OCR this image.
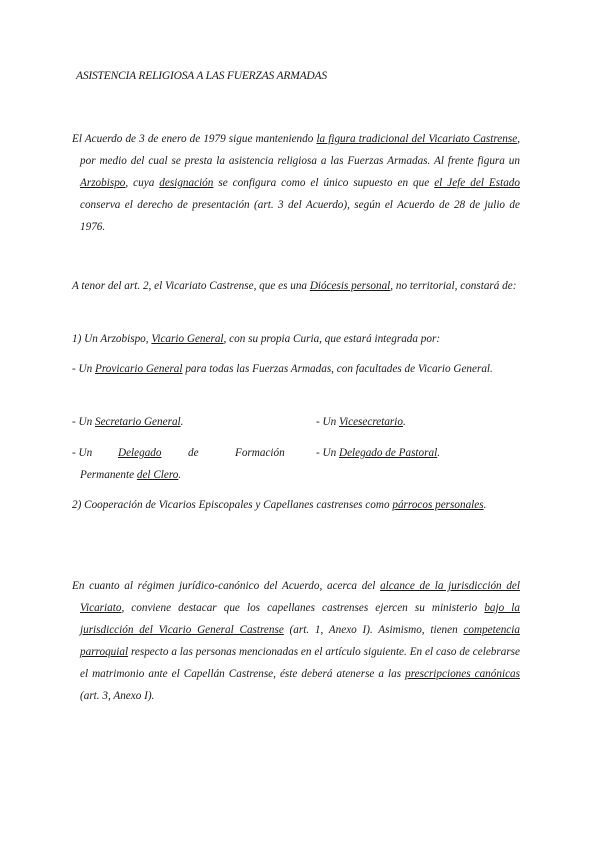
ASISTENCIA RELIGIOSA A LAS FUERZAS ARMADAS
El Acuerdo de 3 de enero de 1979 sigue manteniendo la figura tradicional del Vicariato Castrense, por medio del cual se presta la asistencia religiosa a las Fuerzas Armadas. Al frente figura un Arzobispo, cuya designación se configura como el único supuesto en que el Jefe del Estado conserva el derecho de presentación (art. 3 del Acuerdo), según el Acuerdo de 28 de julio de 1976.
A tenor del art. 2, el Vicariato Castrense, que es una Diócesis personal, no territorial, constará de:
1) Un Arzobispo, Vicario General, con su propia Curia, que estará integrada por:
- Un Provicario General para todas las Fuerzas Armadas, con facultades de Vicario General.
- Un Secretario General.	- Un Vicesecretario.
- Un Delegado de	Formación
Permanente del Clero.
- Un Delegado de Pastoral.
2) Cooperación de Vicarios Episcopales y Capellanes castrenses como párrocos personales.
En cuanto al régimen jurídico-canónico del Acuerdo, acerca del alcance de la jurisdicción del Vicariato, conviene destacar que los capellanes castrenses ejercen su ministerio bajo la jurisdicción del Vicario General Castrense (art. 1, Anexo I). Asimismo, tienen competencia parroquial respecto a las personas mencionadas en el artículo siguiente. En el caso de celebrarse el matrimonio ante el Capellán Castrense, éste deberá atenerse a las prescripciones canónicas (art. 3, Anexo I).
